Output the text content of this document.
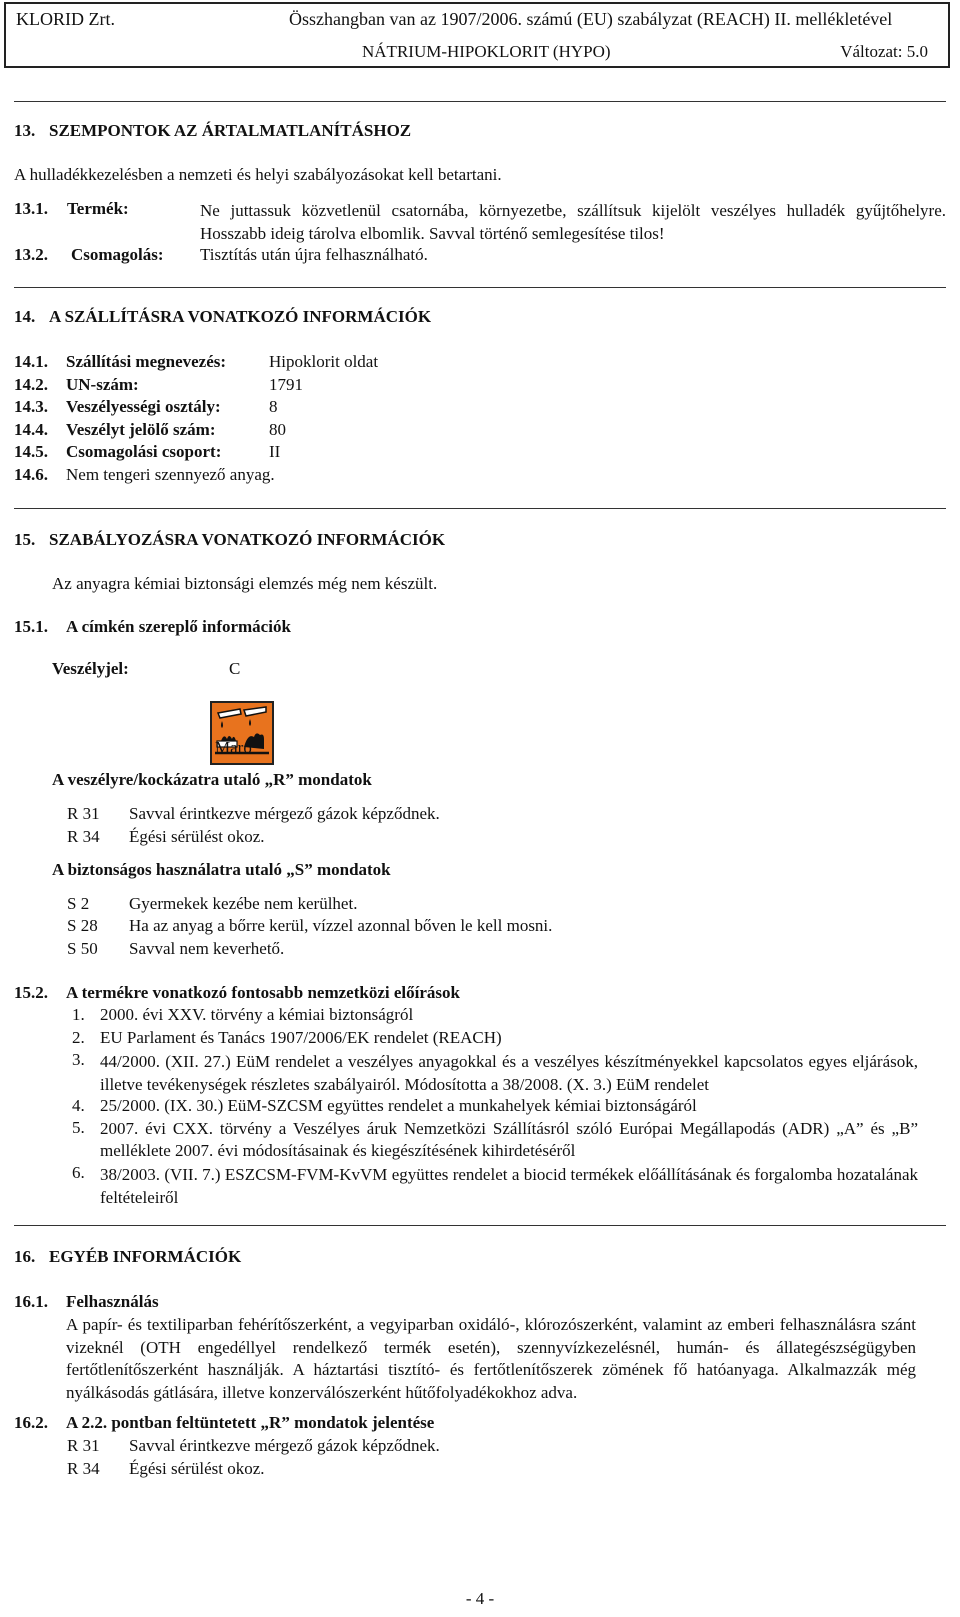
KLORID Zrt.	Összhangban van az 1907/2006. számú (EU) szabályzat (REACH) II. mellékletével
NÁTRIUM-HIPOKLORIT (HYPO)	Változat: 5.0
13. SZEMPONTOK AZ ÁRTALMATLANÍTÁSHOZ
A hulladékkezelésben a nemzeti és helyi szabályozásokat kell betartani.
13.1. Termék:	Ne juttassuk közvetlenül csatornába, környezetbe, szállítsuk kijelölt veszélyes hulladék gyűjtőhelyre. Hosszabb ideig tárolva elbomlik. Savval történő semlegesítése tilos!
13.2. Csomagolás: Tisztítás után újra felhasználható.
14. A SZÁLLÍTÁSRA VONATKOZÓ INFORMÁCIÓK
14.1. Szállítási megnevezés:	Hipoklorit oldat
14.2. UN-szám:	1791
14.3. Veszélyességi osztály:	8
14.4. Veszélyt jelölő szám:	80
14.5. Csomagolási csoport:	II
14.6. Nem tengeri szennyező anyag.
15. SZABÁLYOZÁSRA VONATKOZÓ INFORMÁCIÓK
Az anyagra kémiai biztonsági elemzés még nem készült.
15.1. A címkén szereplő információk
Veszélyjel:	C
Maró
A veszélyre/kockázatra utaló „R” mondatok
R 31 Savval érintkezve mérgező gázok képződnek.
R 34 Égési sérülést okoz.
A biztonságos használatra utaló „S” mondatok
S 2 Gyermekek kezébe nem kerülhet.
S 28 Ha az anyag a bőrre kerül, vízzel azonnal bőven le kell mosni.
S 50 Savval nem keverhető.
15.2. A termékre vonatkozó fontosabb nemzetközi előírások
1. 2000. évi XXV. törvény a kémiai biztonságról
2. EU Parlament és Tanács 1907/2006/EK rendelet (REACH)
3. 44/2000. (XII. 27.) EüM rendelet a veszélyes anyagokkal és a veszélyes készítményekkel kapcsolatos egyes eljárások, illetve tevékenységek részletes szabályairól. Módosította a 38/2008. (X. 3.) EüM rendelet
4. 25/2000. (IX. 30.) EüM-SZCSM együttes rendelet a munkahelyek kémiai biztonságáról
5. 2007. évi CXX. törvény a Veszélyes áruk Nemzetközi Szállításról szóló Európai Megállapodás (ADR) „A” és „B” melléklete 2007. évi módosításainak és kiegészítésének kihirdetéséről
6. 38/2003. (VII. 7.) ESZCSM-FVM-KvVM együttes rendelet a biocid termékek előállításának és forgalomba hozatalának feltételeiről
16. EGYÉB INFORMÁCIÓK
16.1. Felhasználás
A papír- és textiliparban fehérítőszerként, a vegyiparban oxidáló-, klórozószerként, valamint az emberi felhasználásra szánt vizeknél (OTH engedéllyel rendelkező termék esetén), szennyvízkezelésnél, humán- és állategészségügyben fertőtlenítőszerként használják. A háztartási tisztító- és fertőtlenítőszerek zömének fő hatóanyaga. Alkalmazzák még nyálkásodás gátlására, illetve konzerválószerként hűtőfolyadékokhoz adva.
16.2. A 2.2. pontban feltüntetett „R” mondatok jelentése
R 31 Savval érintkezve mérgező gázok képződnek.
R 34 Égési sérülést okoz.
- 4 -
